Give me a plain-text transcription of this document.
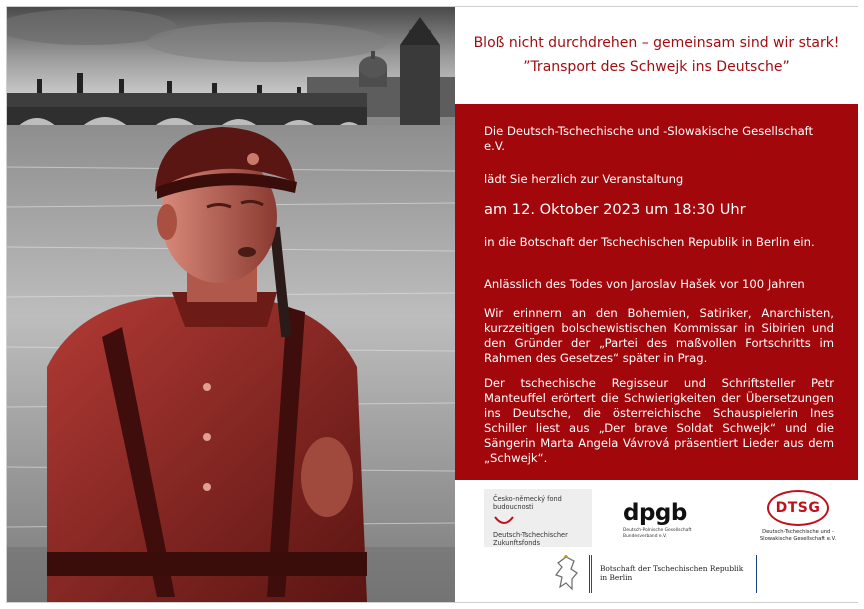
Bloß nicht durchdrehen – gemeinsam sind wir stark!
”Transport des Schwejk ins Deutsche”
Die Deutsch-Tschechische und -Slowakische Gesellschaft e.V.
lädt Sie herzlich zur Veranstaltung
am 12. Oktober 2023 um 18:30 Uhr
in die Botschaft der Tschechischen Republik in Berlin ein.
Anlässlich des Todes von Jaroslav Hašek vor 100 Jahren
Wir erinnern an den Bohemien, Satiriker, Anarchisten, kurzzeitigen bolschewistischen Kommissar in Sibirien und den Gründer der „Partei des maßvollen Fortschritts im Rahmen des Gesetzes“ später in Prag.
Der tschechische Regisseur und Schriftsteller Petr Manteuffel erörtert die Schwierigkeiten der Übersetzungen ins Deutsche, die österreichische Schauspielerin Ines Schiller liest aus „Der brave Soldat Schwejk“ und die Sängerin Marta Angela Vávrová präsentiert Lieder aus dem „Schwejk“.
Česko-německý fond budoucnosti
Deutsch-Tschechischer Zukunftsfonds
dpgb
Deutsch-Polnische Gesellschaft Bundesverband e.V.
DTSG
Deutsch-Tschechische und -Slowakische Gesellschaft e.V.
Botschaft der Tschechischen Republik
in Berlin
